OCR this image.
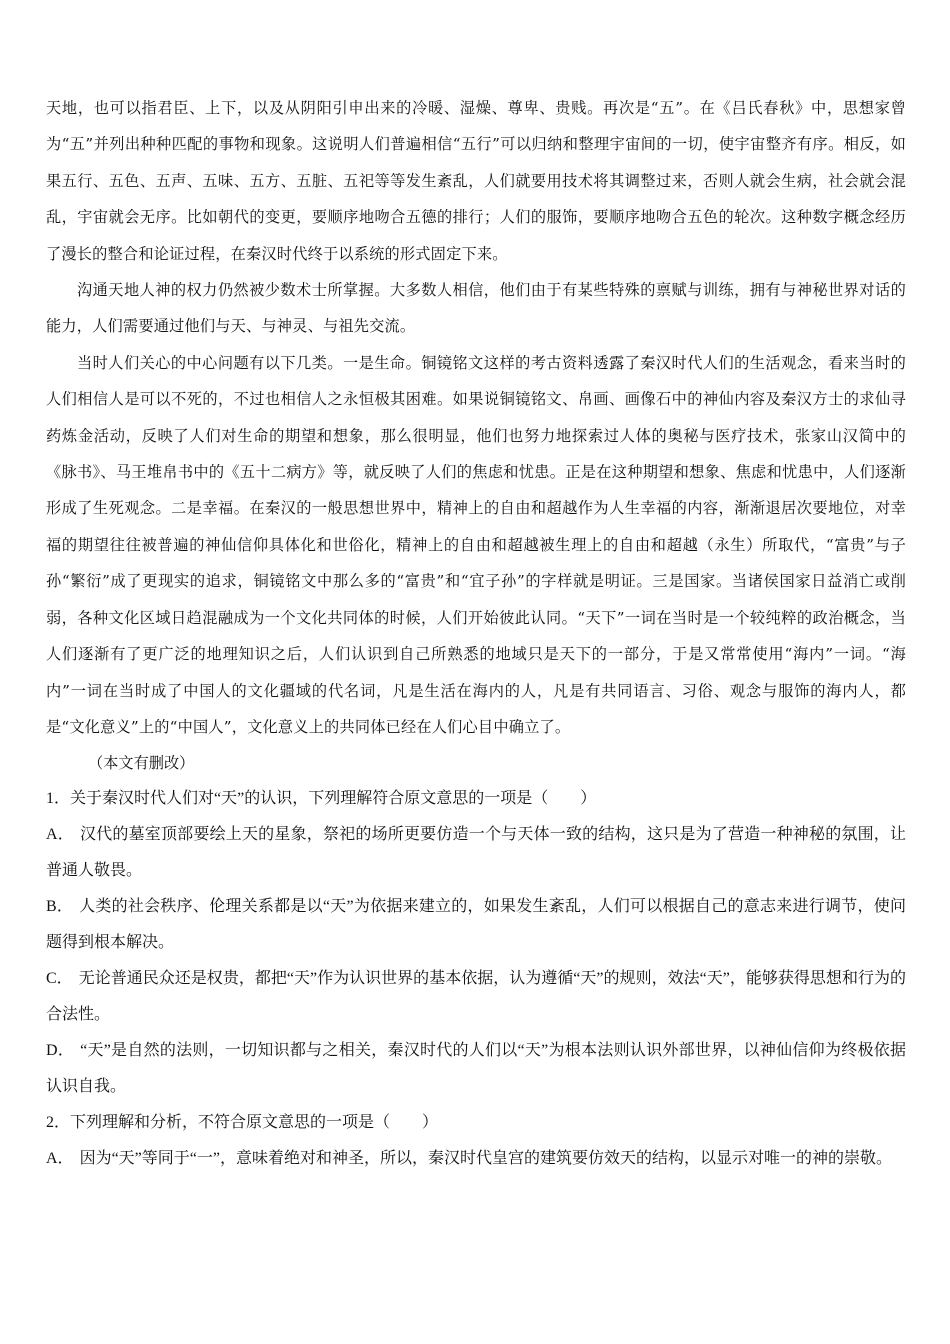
天地，也可以指君臣、上下，以及从阴阳引申出来的冷暖、湿燥、尊卑、贵贱。再次是“五”。在《吕氏春秋》中，思想家曾为“五”并列出种种匹配的事物和现象。这说明人们普遍相信“五行”可以归纳和整理宇宙间的一切，使宇宙整齐有序。相反，如果五行、五色、五声、五味、五方、五脏、五祀等等发生紊乱，人们就要用技术将其调整过来，否则人就会生病，社会就会混乱，宇宙就会无序。比如朝代的变更，要顺序地吻合五德的排行；人们的服饰，要顺序地吻合五色的轮次。这种数字概念经历了漫长的整合和论证过程，在秦汉时代终于以系统的形式固定下来。

沟通天地人神的权力仍然被少数术士所掌握。大多数人相信，他们由于有某些特殊的禀赋与训练，拥有与神秘世界对话的能力，人们需要通过他们与天、与神灵、与祖先交流。

当时人们关心的中心问题有以下几类。一是生命。铜镜铭文这样的考古资料透露了秦汉时代人们的生活观念，看来当时的人们相信人是可以不死的，不过也相信人之永恒极其困难。如果说铜镜铭文、帛画、画像石中的神仙内容及秦汉方士的求仙寻药炼金活动，反映了人们对生命的期望和想象，那么很明显，他们也努力地探索过人体的奥秘与医疗技术，张家山汉简中的《脉书》、马王堆帛书中的《五十二病方》等，就反映了人们的焦虑和忧患。正是在这种期望和想象、焦虑和忧患中，人们逐渐形成了生死观念。二是幸福。在秦汉的一般思想世界中，精神上的自由和超越作为人生幸福的内容，渐渐退居次要地位，对幸福的期望往往被普遍的神仙信仰具体化和世俗化，精神上的自由和超越被生理上的自由和超越（永生）所取代，“富贵”与子孙“繁衍”成了更现实的追求，铜镜铭文中那么多的“富贵”和“宜子孙”的字样就是明证。三是国家。当诸侯国家日益消亡或削弱，各种文化区域日趋混融成为一个文化共同体的时候，人们开始彼此认同。“天下”一词在当时是一个较纯粹的政治概念，当人们逐渐有了更广泛的地理知识之后，人们认识到自己所熟悉的地域只是天下的一部分，于是又常常使用“海内”一词。“海内”一词在当时成了中国人的文化疆域的代名词，凡是生活在海内的人，凡是有共同语言、习俗、观念与服饰的海内人，都是“文化意义”上的“中国人”，文化意义上的共同体已经在人们心目中确立了。

（本文有删改）

1．关于秦汉时代人们对“天”的认识，下列理解符合原文意思的一项是（　　）

A． 汉代的墓室顶部要绘上天的星象，祭祀的场所更要仿造一个与天体一致的结构，这只是为了营造一种神秘的氛围，让普通人敬畏。

B． 人类的社会秩序、伦理关系都是以“天”为依据来建立的，如果发生紊乱，人们可以根据自己的意志来进行调节，使问题得到根本解决。

C． 无论普通民众还是权贵，都把“天”作为认识世界的基本依据，认为遵循“天”的规则，效法“天”，能够获得思想和行为的合法性。

D． “天”是自然的法则，一切知识都与之相关，秦汉时代的人们以“天”为根本法则认识外部世界，以神仙信仰为终极依据认识自我。

2．下列理解和分析，不符合原文意思的一项是（　　）

A． 因为“天”等同于“一”，意味着绝对和神圣，所以，秦汉时代皇宫的建筑要仿效天的结构，以显示对唯一的神的崇敬。
